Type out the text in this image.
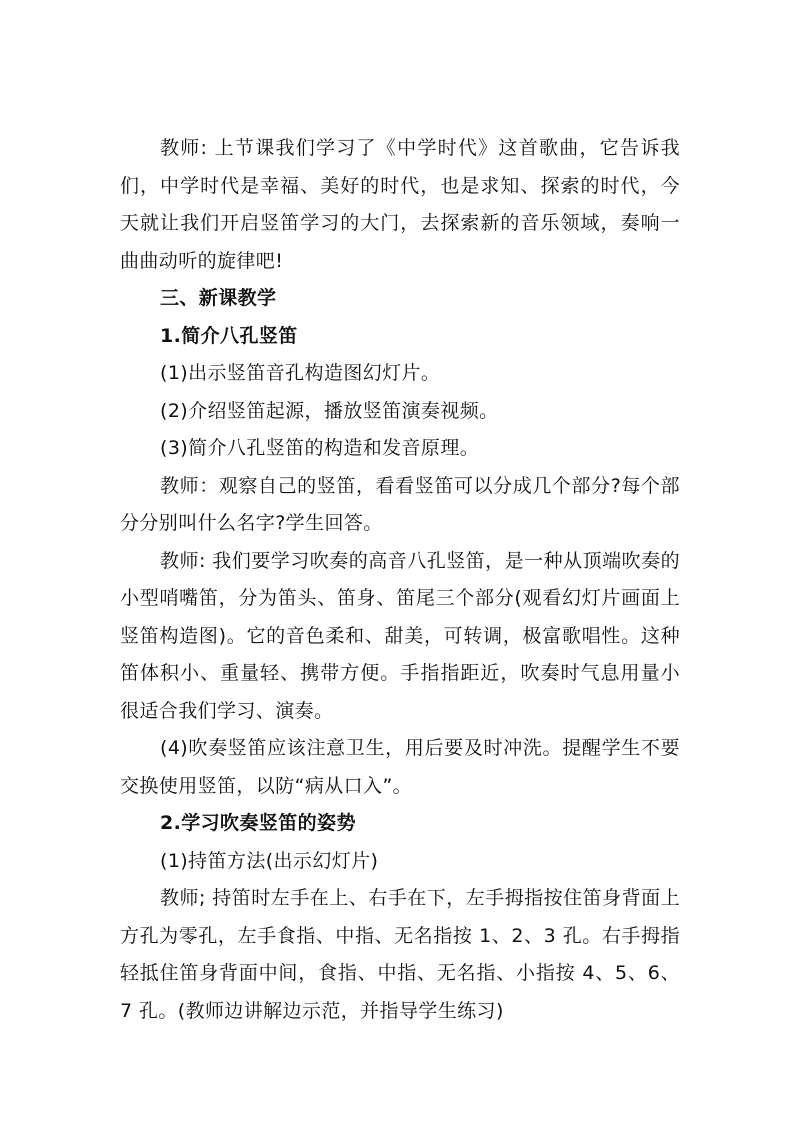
教师: 上节课我们学习了《中学时代》这首歌曲，它告诉我们，中学时代是幸福、美好的时代，也是求知、探索的时代，今天就让我们开启竖笛学习的大门，去探索新的音乐领域，奏响一曲曲动听的旋律吧!

三、新课教学

1.简介八孔竖笛

(1)出示竖笛音孔构造图幻灯片。

(2)介绍竖笛起源，播放竖笛演奏视频。

(3)简介八孔竖笛的构造和发音原理。

教师：观察自己的竖笛，看看竖笛可以分成几个部分?每个部分分别叫什么名字?学生回答。

教师: 我们要学习吹奏的高音八孔竖笛，是一种从顶端吹奏的小型哨嘴笛，分为笛头、笛身、笛尾三个部分(观看幻灯片画面上竖笛构造图)。它的音色柔和、甜美，可转调，极富歌唱性。这种笛体积小、重量轻、携带方便。手指指距近，吹奏时气息用量小很适合我们学习、演奏。

(4)吹奏竖笛应该注意卫生，用后要及时冲洗。提醒学生不要交换使用竖笛，以防“病从口入”。

2.学习吹奏竖笛的姿势

(1)持笛方法(出示幻灯片)

教师; 持笛时左手在上、右手在下，左手拇指按住笛身背面上方孔为零孔，左手食指、中指、无名指按 1、2、3 孔。右手拇指轻抵住笛身背面中间，食指、中指、无名指、小指按 4、5、6、7 孔。(教师边讲解边示范，并指导学生练习)
